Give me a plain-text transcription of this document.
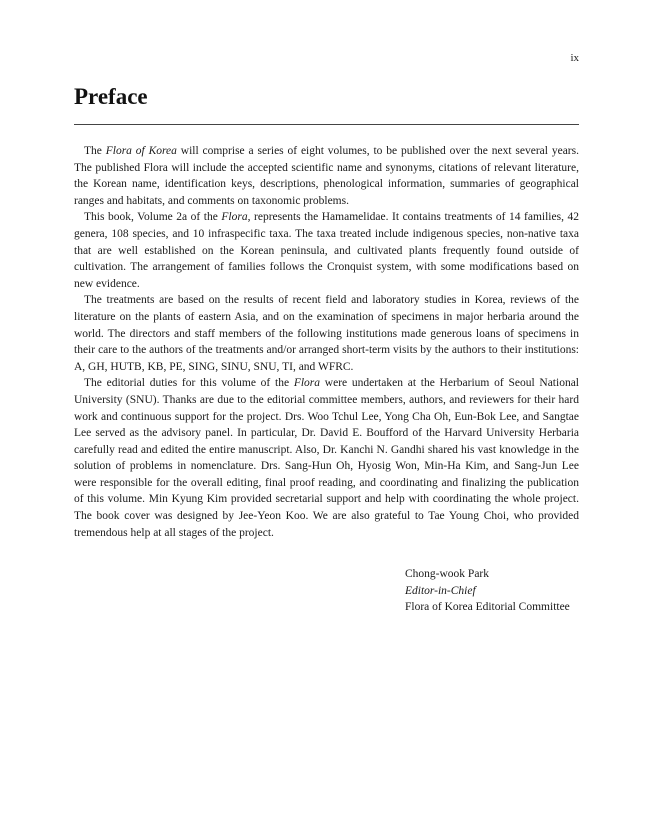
ix
Preface

The Flora of Korea will comprise a series of eight volumes, to be published over the next several years. The published Flora will include the accepted scientific name and synonyms, citations of relevant literature, the Korean name, identification keys, descriptions, phenological information, summaries of geographical ranges and habitats, and comments on taxonomic problems.

This book, Volume 2a of the Flora, represents the Hamamelidae. It contains treatments of 14 families, 42 genera, 108 species, and 10 infraspecific taxa. The taxa treated include indigenous species, non-native taxa that are well established on the Korean peninsula, and cultivated plants frequently found outside of cultivation. The arrangement of families follows the Cronquist system, with some modifications based on new evidence.

The treatments are based on the results of recent field and laboratory studies in Korea, reviews of the literature on the plants of eastern Asia, and on the examination of specimens in major herbaria around the world. The directors and staff members of the following institutions made generous loans of specimens in their care to the authors of the treatments and/or arranged short-term visits by the authors to their institutions: A, GH, HUTB, KB, PE, SING, SINU, SNU, TI, and WFRC.

The editorial duties for this volume of the Flora were undertaken at the Herbarium of Seoul National University (SNU). Thanks are due to the editorial committee members, authors, and reviewers for their hard work and continuous support for the project. Drs. Woo Tchul Lee, Yong Cha Oh, Eun-Bok Lee, and Sangtae Lee served as the advisory panel. In particular, Dr. David E. Boufford of the Harvard University Herbaria carefully read and edited the entire manuscript. Also, Dr. Kanchi N. Gandhi shared his vast knowledge in the solution of problems in nomenclature. Drs. Sang-Hun Oh, Hyosig Won, Min-Ha Kim, and Sang-Jun Lee were responsible for the overall editing, final proof reading, and coordinating and finalizing the publication of this volume. Min Kyung Kim provided secretarial support and help with coordinating the whole project. The book cover was designed by Jee-Yeon Koo. We are also grateful to Tae Young Choi, who provided tremendous help at all stages of the project.

Chong-wook Park
Editor-in-Chief
Flora of Korea Editorial Committee
